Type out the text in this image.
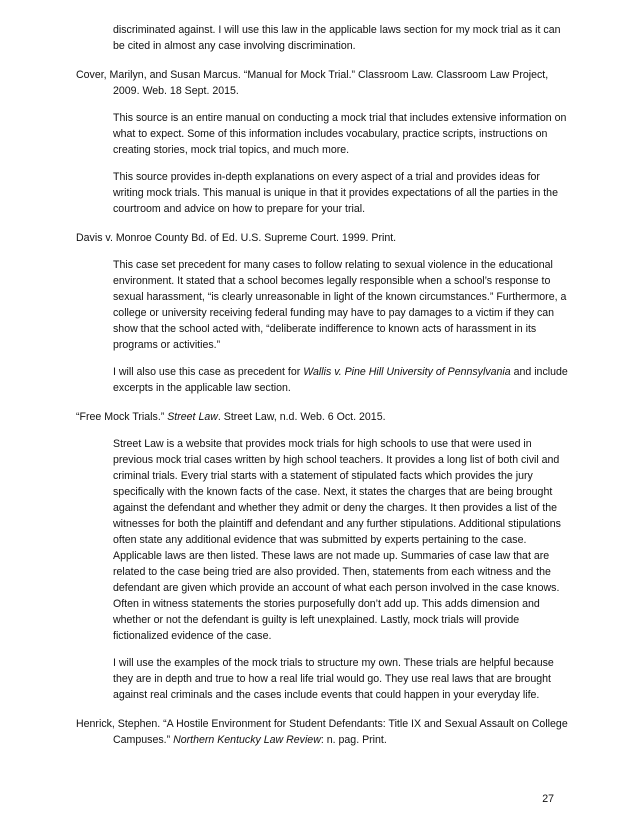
discriminated against. I will use this law in the applicable laws section for my mock trial as it can be cited in almost any case involving discrimination.

Cover, Marilyn, and Susan Marcus. “Manual for Mock Trial.” Classroom Law. Classroom Law Project, 2009. Web. 18 Sept. 2015.

This source is an entire manual on conducting a mock trial that includes extensive information on what to expect. Some of this information includes vocabulary, practice scripts, instructions on creating stories, mock trial topics, and much more.

This source provides in-depth explanations on every aspect of a trial and provides ideas for writing mock trials. This manual is unique in that it provides expectations of all the parties in the courtroom and advice on how to prepare for your trial.

Davis v. Monroe County Bd. of Ed. U.S. Supreme Court. 1999. Print.

This case set precedent for many cases to follow relating to sexual violence in the educational environment. It stated that a school becomes legally responsible when a school’s response to sexual harassment, “is clearly unreasonable in light of the known circumstances.” Furthermore, a college or university receiving federal funding may have to pay damages to a victim if they can show that the school acted with, “deliberate indifference to known acts of harassment in its programs or activities.”

I will also use this case as precedent for Wallis v. Pine Hill University of Pennsylvania and include excerpts in the applicable law section.

“Free Mock Trials.” Street Law. Street Law, n.d. Web. 6 Oct. 2015.

Street Law is a website that provides mock trials for high schools to use that were used in previous mock trial cases written by high school teachers. It provides a long list of both civil and criminal trials. Every trial starts with a statement of stipulated facts which provides the jury specifically with the known facts of the case. Next, it states the charges that are being brought against the defendant and whether they admit or deny the charges. It then provides a list of the witnesses for both the plaintiff and defendant and any further stipulations. Additional stipulations often state any additional evidence that was submitted by experts pertaining to the case. Applicable laws are then listed. These laws are not made up. Summaries of case law that are related to the case being tried are also provided. Then, statements from each witness and the defendant are given which provide an account of what each person involved in the case knows. Often in witness statements the stories purposefully don’t add up. This adds dimension and whether or not the defendant is guilty is left unexplained. Lastly, mock trials will provide fictionalized evidence of the case.

I will use the examples of the mock trials to structure my own. These trials are helpful because they are in depth and true to how a real life trial would go. They use real laws that are brought against real criminals and the cases include events that could happen in your everyday life.

Henrick, Stephen. “A Hostile Environment for Student Defendants: Title IX and Sexual Assault on College Campuses.” Northern Kentucky Law Review: n. pag. Print.

27
